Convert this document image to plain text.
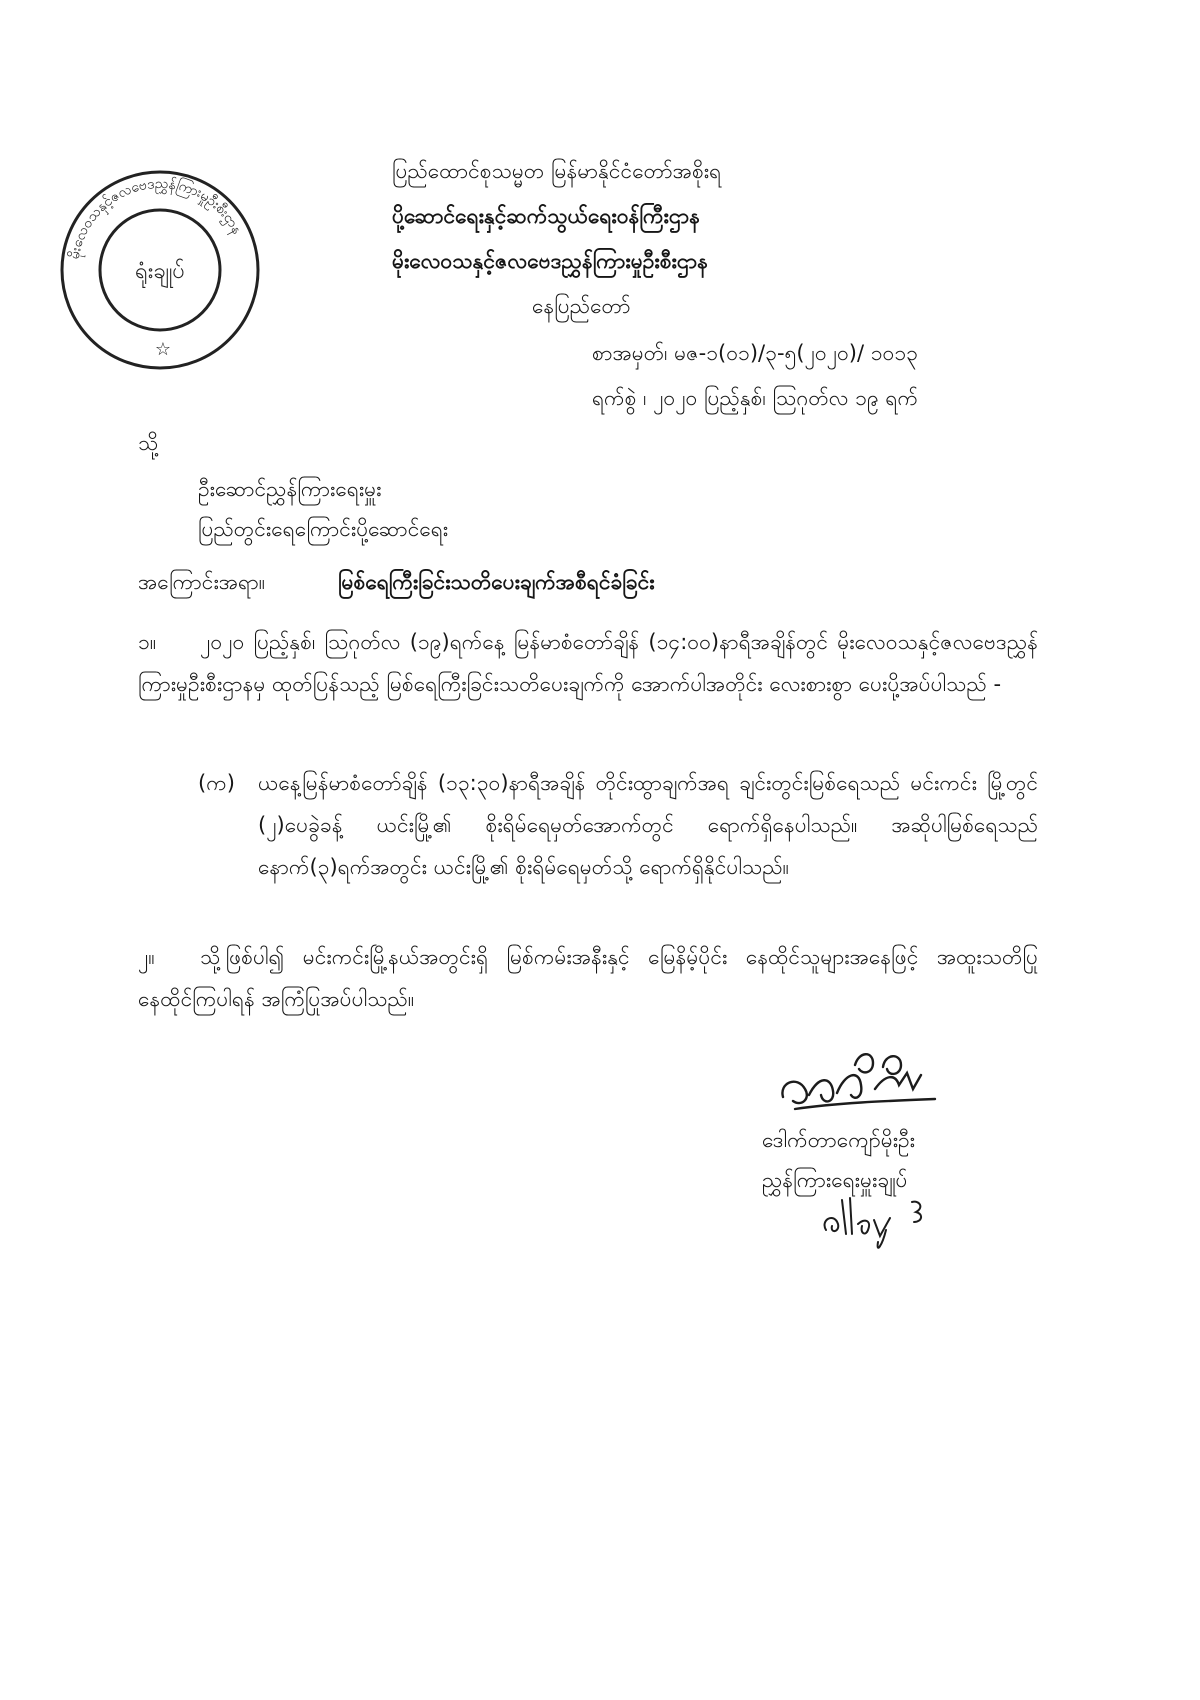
မိုးလေဝသနှင့်ဇလဗေဒညွှန်ကြားမှုဦးစီးဌာန
ရုံးချုပ်
☆
ပြည်ထောင်စုသမ္မတ မြန်မာနိုင်ငံတော်အစိုးရ
ပို့ဆောင်ရေးနှင့်ဆက်သွယ်ရေးဝန်ကြီးဌာန
မိုးလေဝသနှင့်ဇလဗေဒညွှန်ကြားမှုဦးစီးဌာန
နေပြည်တော်
စာအမှတ်၊ မဇ-၁(၀၁)/၃-၅(၂၀၂၀)/ ၁၀၁၃
ရက်စွဲ ၊ ၂၀၂၀ ပြည့်နှစ်၊ ဩဂုတ်လ ၁၉ ရက်
သို့
ဦးဆောင်ညွှန်ကြားရေးမှူး
ပြည်တွင်းရေကြောင်းပို့ဆောင်ရေး
အကြောင်းအရာ။	မြစ်ရေကြီးခြင်းသတိပေးချက်အစီရင်ခံခြင်း
၁။	၂၀၂၀ ပြည့်နှစ်၊ ဩဂုတ်လ (၁၉)ရက်နေ့ မြန်မာစံတော်ချိန် (၁၄:၀၀)နာရီအချိန်တွင် မိုးလေဝသနှင့်ဇလဗေဒညွှန်ကြားမှုဦးစီးဌာနမှ ထုတ်ပြန်သည့် မြစ်ရေကြီးခြင်းသတိပေးချက်ကို အောက်ပါအတိုင်း လေးစားစွာ ပေးပို့အပ်ပါသည် -
(က) ယနေ့မြန်မာစံတော်ချိန် (၁၃:၃၀)နာရီအချိန် တိုင်းထွာချက်အရ ချင်းတွင်းမြစ်ရေသည် မင်းကင်း မြို့တွင် (၂)ပေခွဲခန့် ယင်းမြို့၏ စိုးရိမ်ရေမှတ်အောက်တွင် ရောက်ရှိနေပါသည်။ အဆိုပါမြစ်ရေသည် နောက်(၃)ရက်အတွင်း ယင်းမြို့၏ စိုးရိမ်ရေမှတ်သို့ ရောက်ရှိနိုင်ပါသည်။
၂။	သို့ဖြစ်ပါ၍ မင်းကင်းမြို့နယ်အတွင်းရှိ မြစ်ကမ်းအနီးနှင့် မြေနိမ့်ပိုင်း နေထိုင်သူများအနေဖြင့် အထူးသတိပြု နေထိုင်ကြပါရန် အကြံပြုအပ်ပါသည်။
ဒေါက်တာကျော်မိုးဦး
ညွှန်ကြားရေးမှူးချုပ်
